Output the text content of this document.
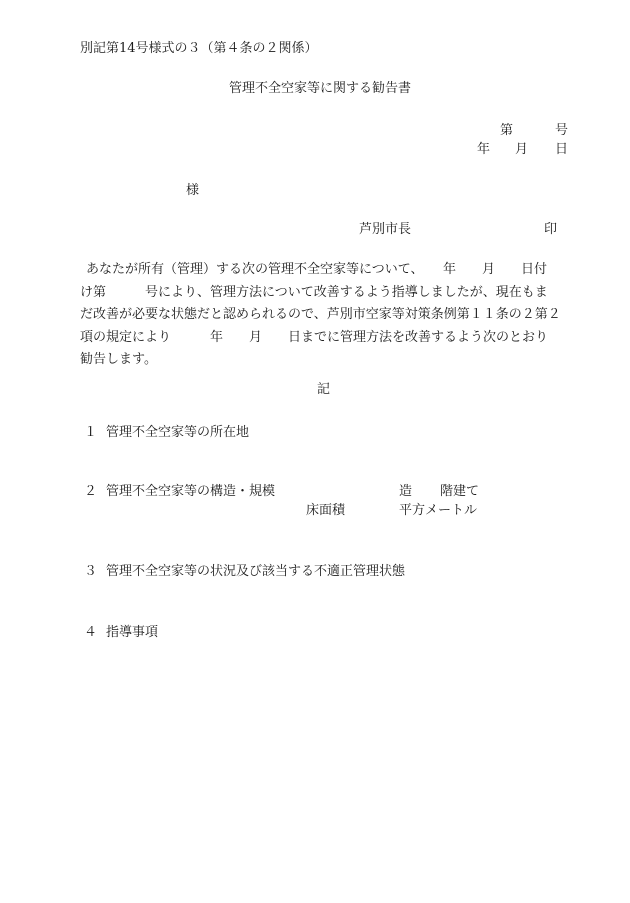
別記第14号様式の３（第４条の２関係）
管理不全空家等に関する勧告書
第	号
年 月 日
様
芦別市長	印
あなたが所有（管理）する次の管理不全空家等について、　　年　　月　　日付
け第　　　号により、管理方法について改善するよう指導しましたが、現在もま
だ改善が必要な状態だと認められるので、芦別市空家等対策条例第１１条の２第２
項の規定により　　　年　　月　　日までに管理方法を改善するよう次のとおり
勧告します。
記
１ 管理不全空家等の所在地
２ 管理不全空家等の構造・規模	造 階建て
床面積	平方メートル
３ 管理不全空家等の状況及び該当する不適正管理状態
４ 指導事項
